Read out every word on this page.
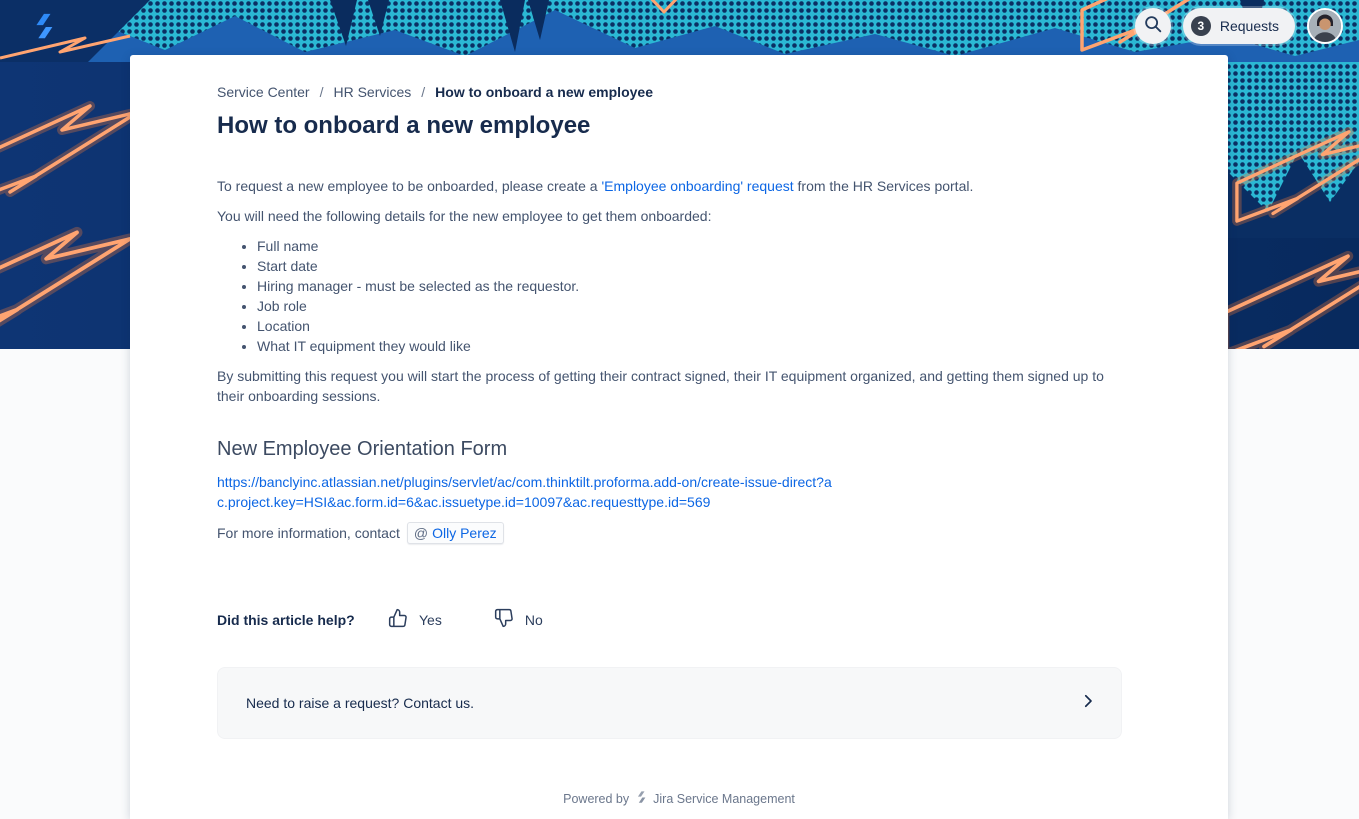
3	Requests
Service Center / HR Services / How to onboard a new employee
How to onboard a new employee

To request a new employee to be onboarded, please create a 'Employee onboarding' request from the HR Services portal.

You will need the following details for the new employee to get them onboarded:

• Full name
• Start date
• Hiring manager - must be selected as the requestor.
• Job role
• Location
• What IT equipment they would like

By submitting this request you will start the process of getting their contract signed, their IT equipment organized, and getting them signed up to their onboarding sessions.

New Employee Orientation Form
https://banclyinc.atlassian.net/plugins/servlet/ac/com.thinktilt.proforma.add-on/create-issue-direct?ac.project.key=HSI&ac.form.id=6&ac.issuetype.id=10097&ac.requesttype.id=569
For more information, contact @ Olly Perez
Did this article help?	Yes	No
Need to raise a request? Contact us.
Powered by Jira Service Management
